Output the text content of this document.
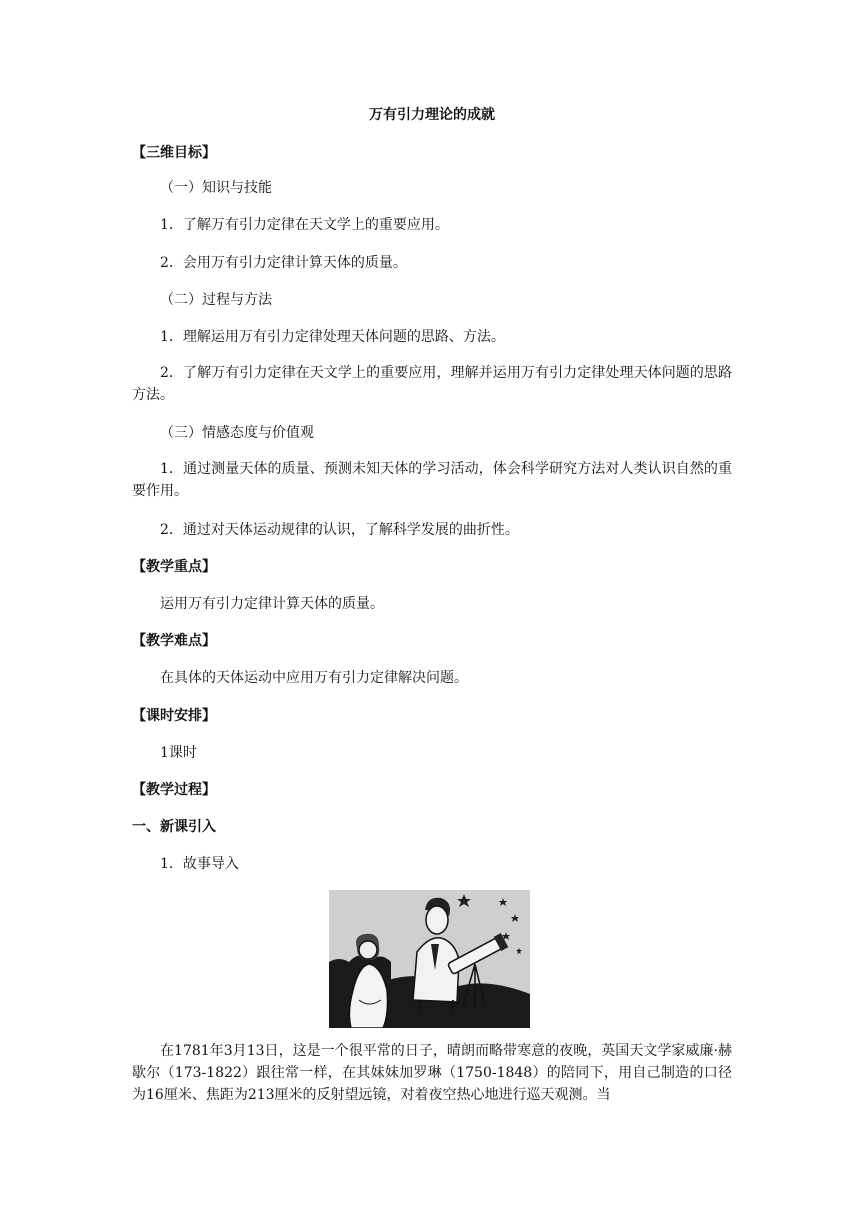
万有引力理论的成就
【三维目标】
（一）知识与技能
1．了解万有引力定律在天文学上的重要应用。
2．会用万有引力定律计算天体的质量。
（二）过程与方法
1．理解运用万有引力定律处理天体问题的思路、方法。
2．了解万有引力定律在天文学上的重要应用，理解并运用万有引力定律处理天体问题的思路方法。
（三）情感态度与价值观
1．通过测量天体的质量、预测未知天体的学习活动，体会科学研究方法对人类认识自然的重要作用。
2．通过对天体运动规律的认识，了解科学发展的曲折性。
【教学重点】
运用万有引力定律计算天体的质量。
【教学难点】
在具体的天体运动中应用万有引力定律解决问题。
【课时安排】
1课时
【教学过程】
一、新课引入
1．故事导入
在1781年3月13日，这是一个很平常的日子，晴朗而略带寒意的夜晚，英国天文学家威廉·赫歇尔（173-1822）跟往常一样，在其妹妹加罗琳（1750-1848）的陪同下，用自己制造的口径为16厘米、焦距为213厘米的反射望远镜，对着夜空热心地进行巡天观测。当
